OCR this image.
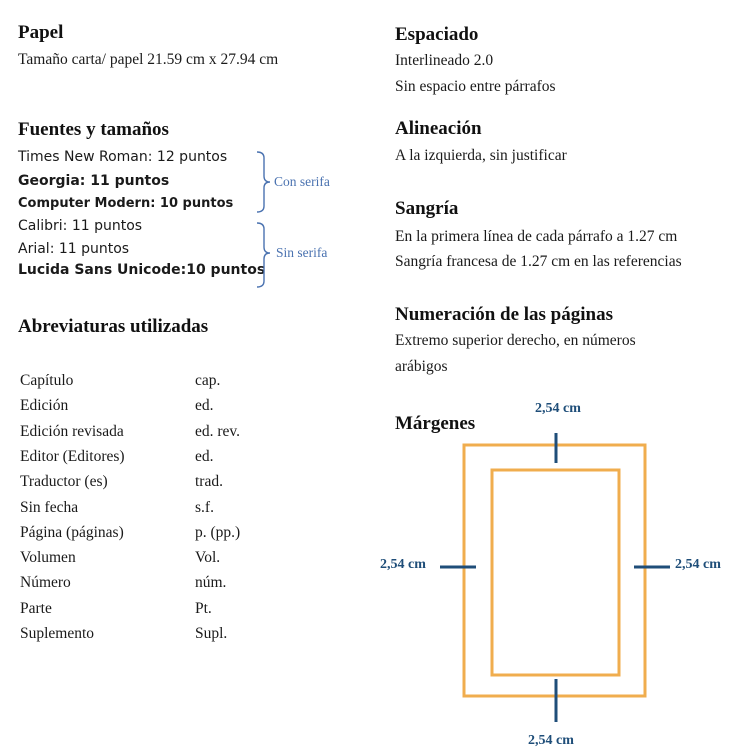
Papel
Tamaño carta/ papel 21.59 cm x 27.94 cm
Fuentes y tamaños
Times New Roman: 12 puntos
Georgia: 11 puntos
Computer Modern: 10 puntos
Calibri: 11 puntos
Arial: 11 puntos
Lucida Sans Unicode:10 puntos
Con serifa
Sin serifa
Abreviaturas utilizadas
Capítulo	cap.
Edición	ed.
Edición revisada	ed. rev.
Editor (Editores)	ed.
Traductor (es)	trad.
Sin fecha	s.f.
Página (páginas)	p. (pp.)
Volumen	Vol.
Número	núm.
Parte	Pt.
Suplemento	Supl.
Espaciado
Interlineado 2.0
Sin espacio entre párrafos
Alineación
A la izquierda, sin justificar
Sangría
En la primera línea de cada párrafo a 1.27 cm
Sangría francesa de 1.27 cm en las referencias
Numeración de las páginas
Extremo superior derecho, en números
arábigos
Márgenes
2,54 cm
2,54 cm	2,54 cm
2,54 cm
